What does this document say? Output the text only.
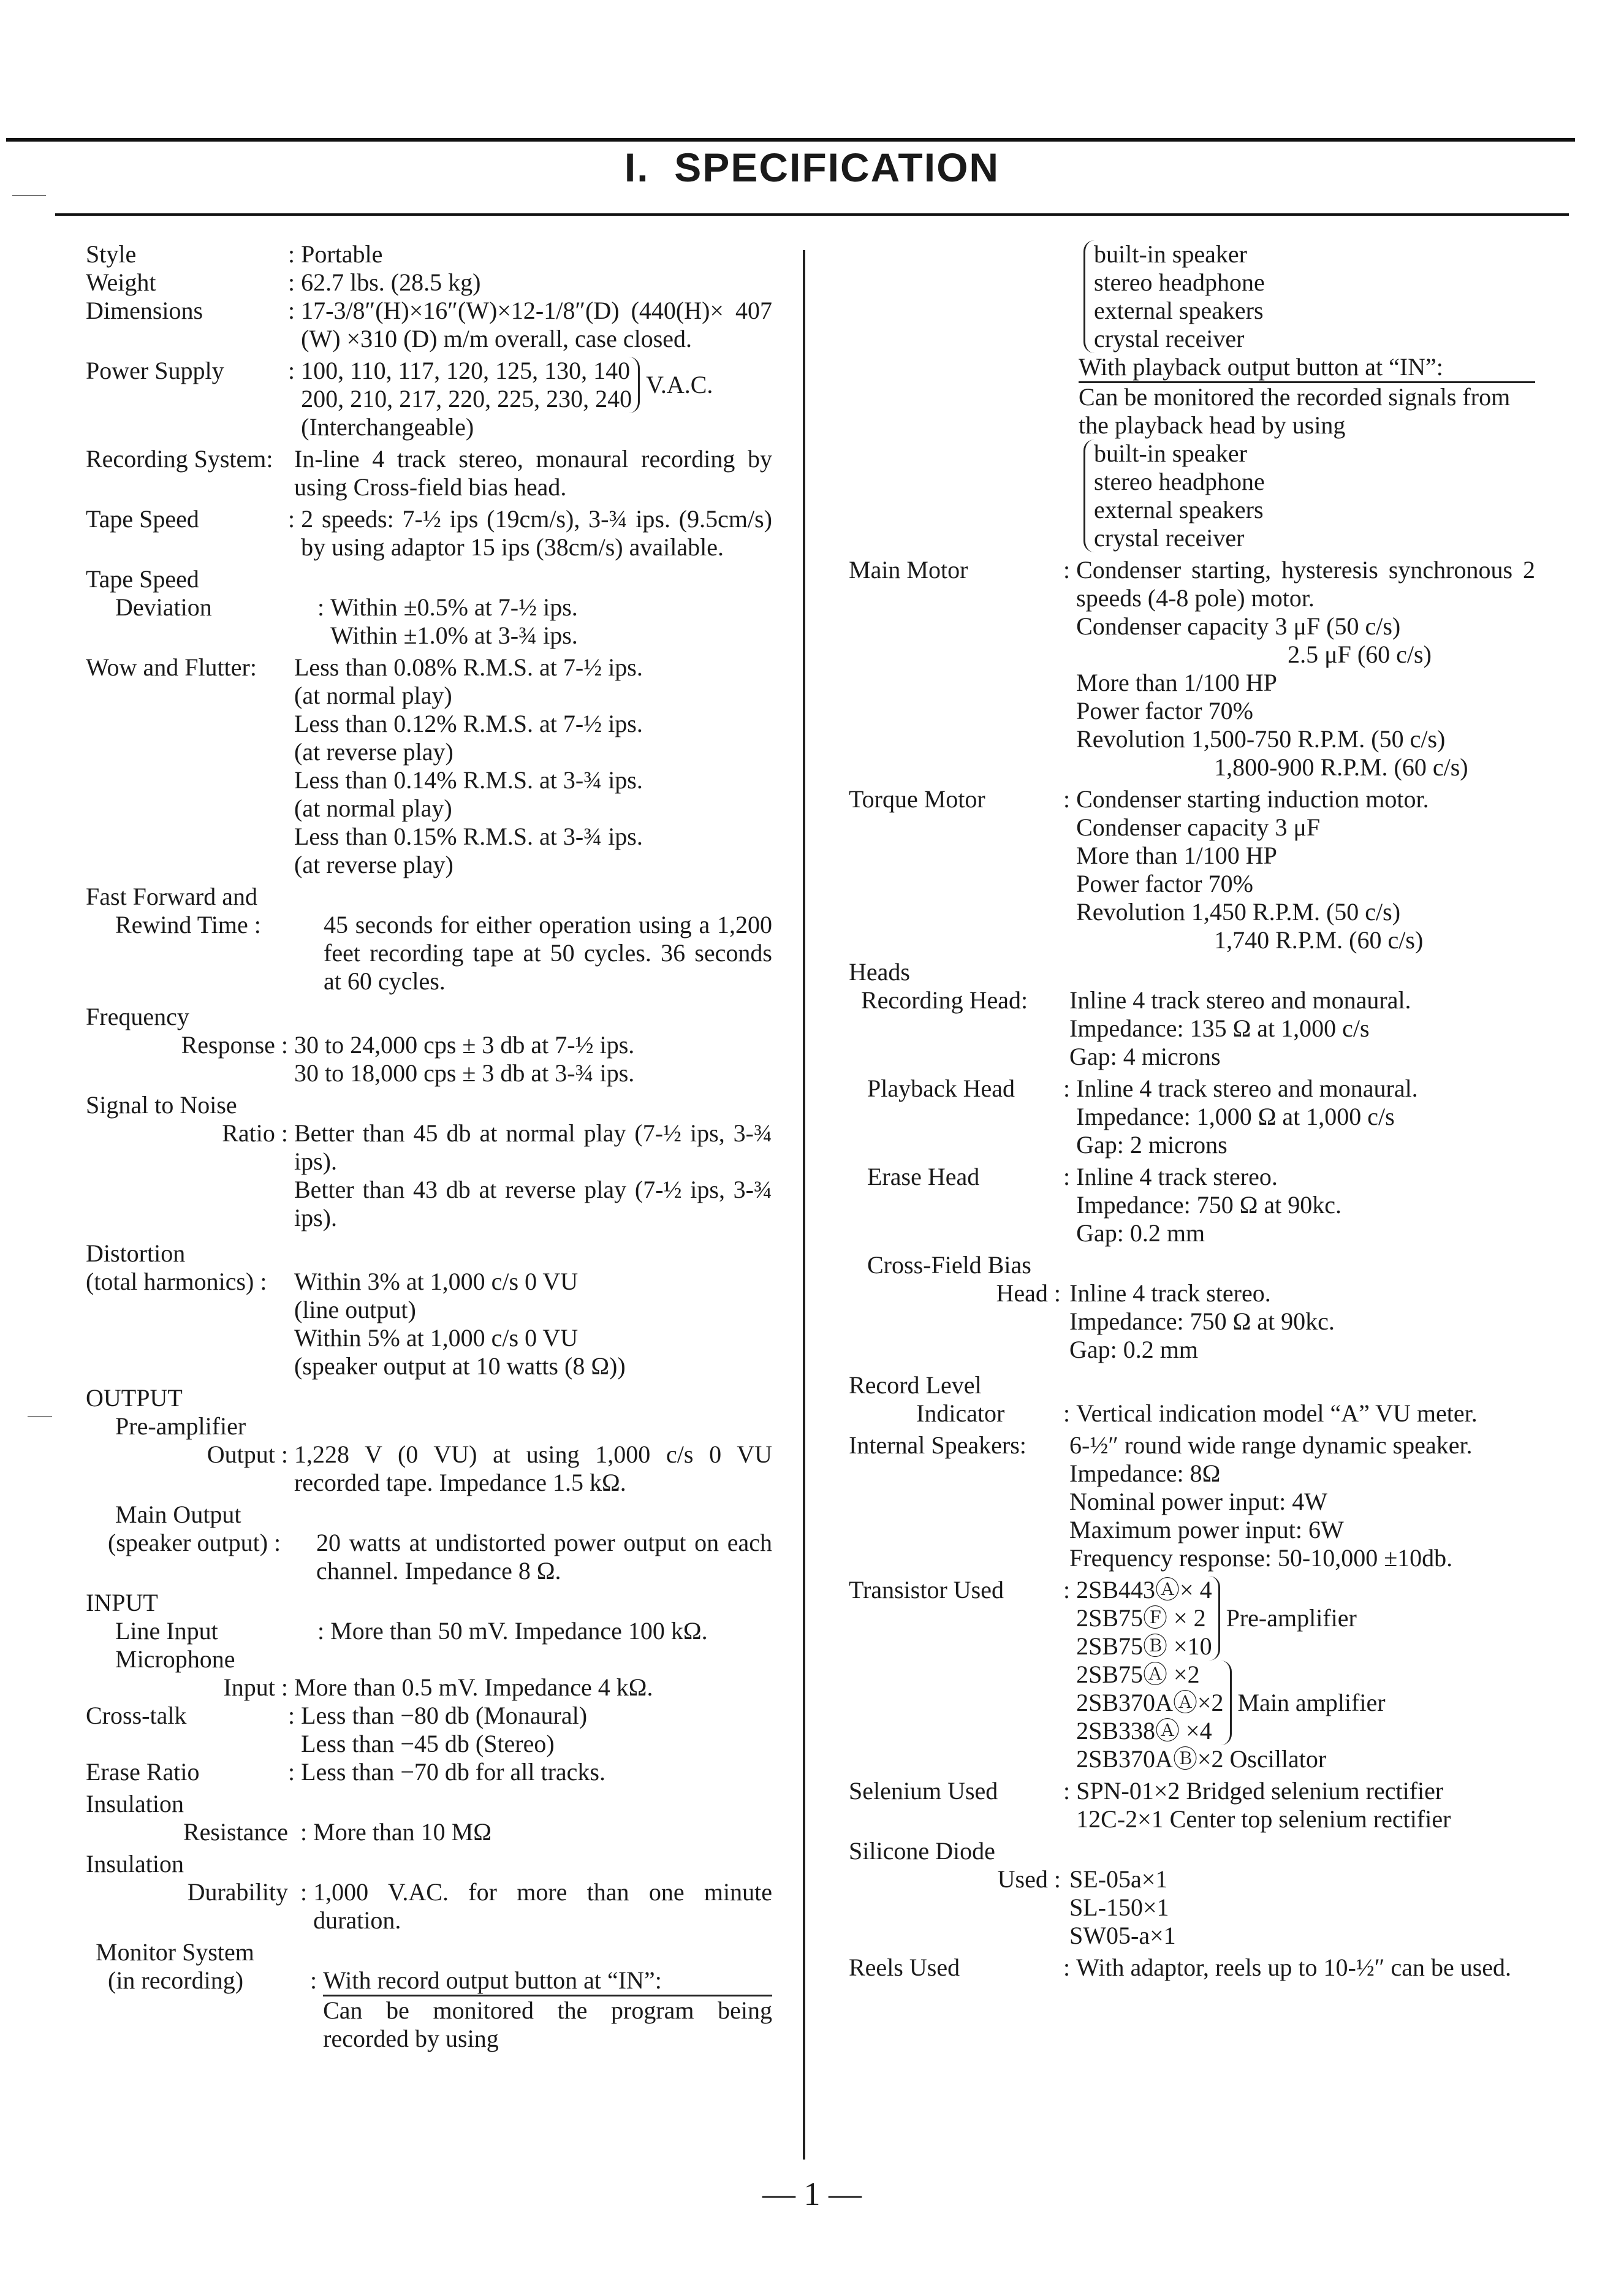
I.  SPECIFICATION
Style	: Portable
Weight	: 62.7 lbs. (28.5 kg)
Dimensions	: 17-3/8″(H)×16″(W)×12-1/8″(D) (440(H)× 407 (W) ×310 (D) m/m overall, case closed.
Power Supply	: 100, 110, 117, 120, 125, 130, 140
200, 210, 217, 220, 225, 230, 240
V.A.C.
(Interchangeable)
Recording System:
In-line 4 track stereo, monaural recording by using Cross-field bias head.
Tape Speed	: 2 speeds: 7-½ ips (19cm/s), 3-¾ ips. (9.5cm/s) by using adaptor 15 ips (38cm/s) available.
Tape Speed
Deviation	: Within ±0.5% at 7-½ ips.
Within ±1.0% at 3-¾ ips.
Wow and Flutter:
	Less than 0.08% R.M.S. at 7-½ ips.
(at normal play)
Less than 0.12% R.M.S. at 7-½ ips.
(at reverse play)
Less than 0.14% R.M.S. at 3-¾ ips.
(at normal play)
Less than 0.15% R.M.S. at 3-¾ ips.
(at reverse play)
Fast Forward and
Rewind Time :
	45 seconds for either operation using a 1,200 feet recording tape at 50 cycles. 36 seconds at 60 cycles.
Frequency
Response :
30 to 24,000 cps ± 3 db at 7-½ ips.
30 to 18,000 cps ± 3 db at 3-¾ ips.
Signal to Noise
Ratio :
Better than 45 db at normal play (7-½ ips, 3-¾ ips).
Better than 43 db at reverse play (7-½ ips, 3-¾ ips).
Distortion
(total harmonics) :
	Within 3% at 1,000 c/s 0 VU
(line output)
Within 5% at 1,000 c/s 0 VU
(speaker output at 10 watts (8 Ω))
OUTPUT
Pre-amplifier
Output :
1,228 V (0 VU) at using 1,000 c/s 0 VU recorded tape. Impedance 1.5 kΩ.
Main Output
(speaker output) :
	20 watts at undistorted power output on each channel. Impedance 8 Ω.
INPUT
Line Input	: More than 50 mV. Impedance 100 kΩ.
Microphone
Input :
More than 0.5 mV. Impedance 4 kΩ.
Cross-talk	: Less than −80 db (Monaural)
Less than −45 db (Stereo)
Erase Ratio	: Less than −70 db for all tracks.
Insulation
Resistance : More than 10 MΩ
Insulation
Durability : 1,000 V.AC. for more than one minute duration.
Monitor System
(in recording)	: With record output button at “IN”:
Can be monitored the program being recorded by using
built-in speaker
stereo headphone
external speakers
crystal receiver
With playback output button at “IN”:
Can be monitored the recorded signals from the playback head by using
built-in speaker
stereo headphone
external speakers
crystal receiver
Main Motor	: Condenser starting, hysteresis synchronous 2 speeds (4-8 pole) motor.
Condenser capacity 3 μF (50 c/s)
2.5 μF (60 c/s)
More than 1/100 HP
Power factor 70%
Revolution 1,500-750 R.P.M. (50 c/s)
1,800-900 R.P.M. (60 c/s)
Torque Motor	: Condenser starting induction motor.
Condenser capacity 3 μF
More than 1/100 HP
Power factor 70%
Revolution 1,450 R.P.M. (50 c/s)
1,740 R.P.M. (60 c/s)
Heads
Recording Head:
	Inline 4 track stereo and monaural.
Impedance: 135 Ω at 1,000 c/s
Gap: 4 microns
Playback Head	: Inline 4 track stereo and monaural.
Impedance: 1,000 Ω at 1,000 c/s
Gap: 2 microns
Erase Head	: Inline 4 track stereo.
Impedance: 750 Ω at 90kc.
Gap: 0.2 mm
Cross-Field Bias
Head :
Inline 4 track stereo.
Impedance: 750 Ω at 90kc.
Gap: 0.2 mm
Record Level
Indicator	: Vertical indication model “A” VU meter.
Internal Speakers:
	6-½″ round wide range dynamic speaker.
Impedance: 8Ω
Nominal power input: 4W
Maximum power input: 6W
Frequency response: 50-10,000 ±10db.
Transistor Used	: 2SB443Ⓐ× 4
2SB75Ⓕ × 2
2SB75Ⓑ ×10
Pre-amplifier
2SB75Ⓐ ×2
2SB370AⒶ×2
2SB338Ⓐ ×4
Main amplifier
2SB370AⒷ×2 Oscillator
Selenium Used	: SPN-01×2 Bridged selenium rectifier
12C-2×1 Center top selenium rectifier
Silicone Diode
Used :
SE-05a×1
SL-150×1
SW05-a×1
Reels Used	: With adaptor, reels up to 10-½″ can be used.
— 1 —
